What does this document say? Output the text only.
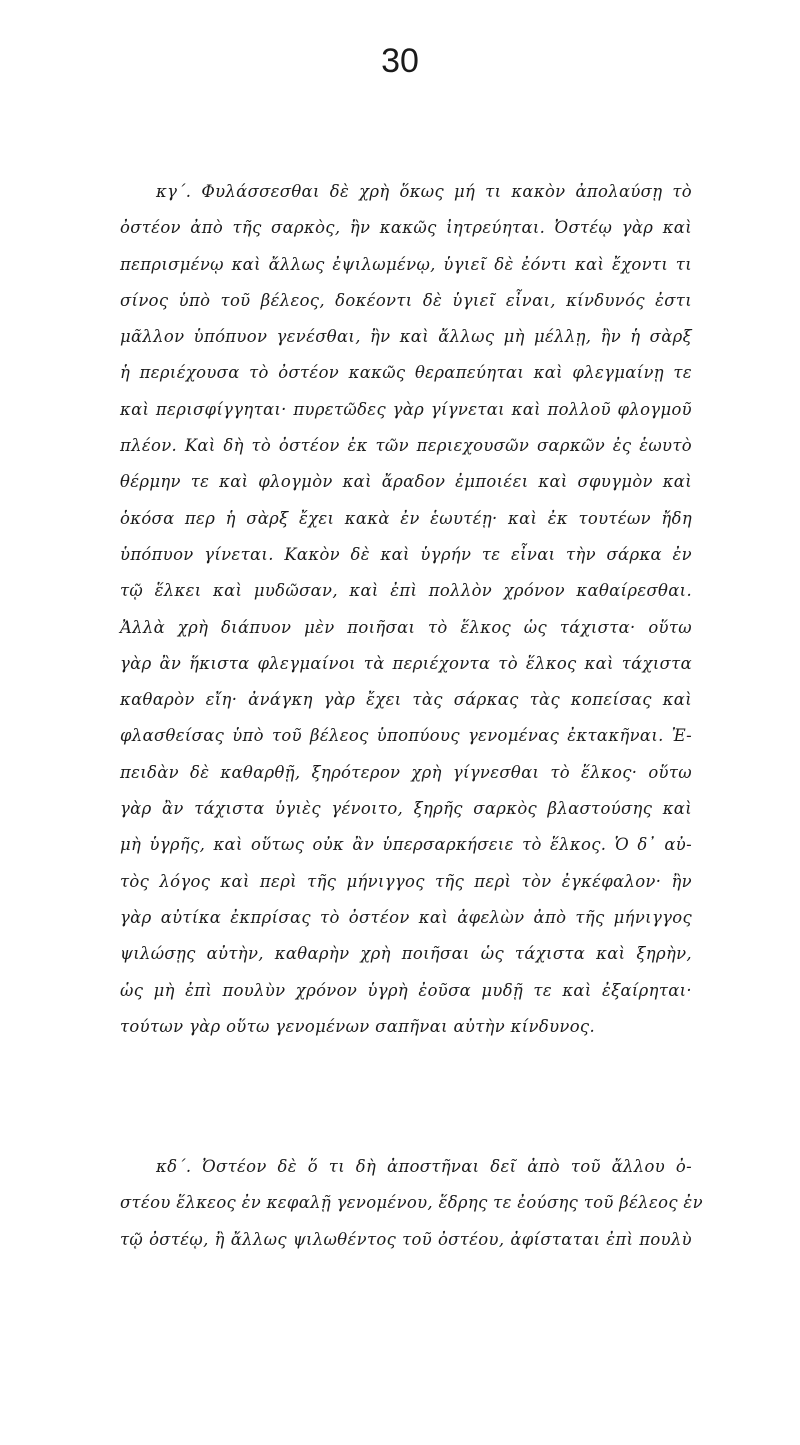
30
κγ΄. Φυλάσσεσθαι δὲ χρὴ ὅκως μή τι κακὸν ἀπολαύσῃ τὸ
ὀστέον ἀπὸ τῆς σαρκὸς, ἢν κακῶς ἰητρεύηται. Ὀστέῳ γὰρ καὶ
πεπρισμένῳ καὶ ἄλλως ἐψιλωμένῳ, ὑγιεῖ δὲ ἐόντι καὶ ἔχοντι τι
σίνος ὑπὸ τοῦ βέλεος, δοκέοντι δὲ ὑγιεῖ εἶναι, κίνδυνός ἐστι
μᾶλλον ὑπόπυον γενέσθαι, ἢν καὶ ἄλλως μὴ μέλλῃ, ἢν ἡ σὰρξ
ἡ περιέχουσα τὸ ὀστέον κακῶς θεραπεύηται καὶ φλεγμαίνῃ τε
καὶ περισφίγγηται· πυρετῶδες γὰρ γίγνεται καὶ πολλοῦ φλογμοῦ
πλέον. Καὶ δὴ τὸ ὀστέον ἐκ τῶν περιεχουσῶν σαρκῶν ἐς ἑωυτὸ
θέρμην τε καὶ φλογμὸν καὶ ἄραδον ἐμποιέει καὶ σφυγμὸν καὶ
ὁκόσα περ ἡ σὰρξ ἔχει κακὰ ἐν ἑωυτέῃ· καὶ ἐκ τουτέων ἤδη
ὑπόπυον γίνεται. Κακὸν δὲ καὶ ὑγρήν τε εἶναι τὴν σάρκα ἐν
τῷ ἕλκει καὶ μυδῶσαν, καὶ ἐπὶ πολλὸν χρόνον καθαίρεσθαι.
Ἀλλὰ χρὴ διάπυον μὲν ποιῆσαι τὸ ἕλκος ὡς τάχιστα· οὕτω
γὰρ ἂν ἥκιστα φλεγμαίνοι τὰ περιέχοντα τὸ ἕλκος καὶ τάχιστα
καθαρὸν εἴη· ἀνάγκη γὰρ ἔχει τὰς σάρκας τὰς κοπείσας καὶ
φλασθείσας ὑπὸ τοῦ βέλεος ὑποπύους γενομένας ἐκτακῆναι. Ἐ-
πειδὰν δὲ καθαρθῇ, ξηρότερον χρὴ γίγνεσθαι τὸ ἕλκος· οὕτω
γὰρ ἂν τάχιστα ὑγιὲς γένοιτο, ξηρῆς σαρκὸς βλαστούσης καὶ
μὴ ὑγρῆς, καὶ οὕτως οὐκ ἂν ὑπερσαρκήσειε τὸ ἕλκος. Ὁ δ᾽ αὐ-
τὸς λόγος καὶ περὶ τῆς μήνιγγος τῆς περὶ τὸν ἐγκέφαλον· ἢν
γὰρ αὐτίκα ἐκπρίσας τὸ ὀστέον καὶ ἀφελὼν ἀπὸ τῆς μήνιγγος
ψιλώσῃς αὐτὴν, καθαρὴν χρὴ ποιῆσαι ὡς τάχιστα καὶ ξηρὴν,
ὡς μὴ ἐπὶ πουλὺν χρόνον ὑγρὴ ἐοῦσα μυδῇ τε καὶ ἐξαίρηται·
τούτων γὰρ οὕτω γενομένων σαπῆναι αὐτὴν κίνδυνος.
κδ΄. Ὀστέον δὲ ὅ τι δὴ ἀποστῆναι δεῖ ἀπὸ τοῦ ἄλλου ὀ-
στέου ἕλκεος ἐν κεφαλῇ γενομένου, ἕδρης τε ἐούσης τοῦ βέλεος ἐν
τῷ ὀστέῳ, ἢ ἄλλως ψιλωθέντος τοῦ ὀστέου, ἀφίσταται ἐπὶ πουλὺ
